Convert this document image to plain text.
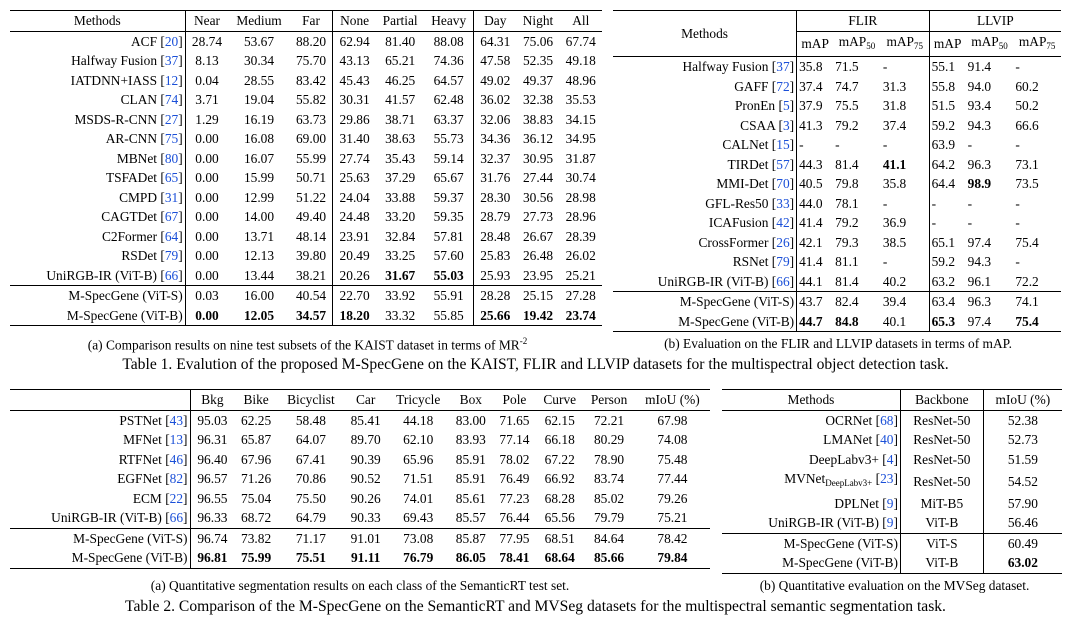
Methods	Near	Medium	Far	None	Partial	Heavy	Day	Night	All
ACF [20]	28.74	53.67	88.20	62.94	81.40	88.08	64.31	75.06	67.74
Halfway Fusion [37]	8.13	30.34	75.70	43.13	65.21	74.36	47.58	52.35	49.18
IATDNN+IASS [12]	0.04	28.55	83.42	45.43	46.25	64.57	49.02	49.37	48.96
CLAN [74]	3.71	19.04	55.82	30.31	41.57	62.48	36.02	32.38	35.53
MSDS-R-CNN [27]	1.29	16.19	63.73	29.86	38.71	63.37	32.06	38.83	34.15
AR-CNN [75]	0.00	16.08	69.00	31.40	38.63	55.73	34.36	36.12	34.95
MBNet [80]	0.00	16.07	55.99	27.74	35.43	59.14	32.37	30.95	31.87
TSFADet [65]	0.00	15.99	50.71	25.63	37.29	65.67	31.76	27.44	30.74
CMPD [31]	0.00	12.99	51.22	24.04	33.88	59.37	28.30	30.56	28.98
CAGTDet [67]	0.00	14.00	49.40	24.48	33.20	59.35	28.79	27.73	28.96
C2Former [64]	0.00	13.71	48.14	23.91	32.84	57.81	28.48	26.67	28.39
RSDet [79]	0.00	12.13	39.80	20.49	33.25	57.60	25.83	26.48	26.02
UniRGB-IR (ViT-B) [66]	0.00	13.44	38.21	20.26	31.67	55.03	25.93	23.95	25.21
M-SpecGene (ViT-S)	0.03	16.00	40.54	22.70	33.92	55.91	28.28	25.15	27.28
M-SpecGene (ViT-B)	0.00	12.05	34.57	18.20	33.32	55.85	25.66	19.42	23.74
(a) Comparison results on nine test subsets of the KAIST dataset in terms of $MR^{-2}$
Methods	FLIR			LLVIP		
	mAP	mAP$_{50}$	mAP$_{75}$	mAP	mAP$_{50}$	mAP$_{75}$
Halfway Fusion [37]	35.8	71.5	-	55.1	91.4	-
GAFF [72]	37.4	74.7	31.3	55.8	94.0	60.2
PronEn [5]	37.9	75.5	31.8	51.5	93.4	50.2
CSAA [3]	41.3	79.2	37.4	59.2	94.3	66.6
CALNet [15]	-	-	-	63.9	-	-
TIRDet [57]	44.3	81.4	41.1	64.2	96.3	73.1
MMI-Det [70]	40.5	79.8	35.8	64.4	98.9	73.5
GFL-Res50 [33]	44.0	78.1	-	-	-	-
ICAFusion [42]	41.4	79.2	36.9	-	-	-
CrossFormer [26]	42.1	79.3	38.5	65.1	97.4	75.4
RSNet [79]	41.4	81.1	-	59.2	94.3	-
UniRGB-IR (ViT-B) [66]	44.1	81.4	40.2	63.2	96.1	72.2
M-SpecGene (ViT-S)	43.7	82.4	39.4	63.4	96.3	74.1
M-SpecGene (ViT-B)	44.7	84.8	40.1	65.3	97.4	75.4
(b) Evaluation on the FLIR and LLVIP datasets in terms of mAP.
Table 1. Evalution of the proposed M-SpecGene on the KAIST, FLIR and LLVIP datasets for the multispectral object detection task.
	Bkg	Bike	Bicyclist	Car	Tricycle	Box	Pole	Curve	Person	mIoU (%)
PSTNet [43]	95.03	62.25	58.48	85.41	44.18	83.00	71.65	62.15	72.21	67.98
MFNet [13]	96.31	65.87	64.07	89.70	62.10	83.93	77.14	66.18	80.29	74.08
RTFNet [46]	96.40	67.96	67.41	90.39	65.96	85.91	78.02	67.22	78.90	75.48
EGFNet [82]	96.57	71.26	70.86	90.52	71.51	85.91	76.49	66.92	83.74	77.44
ECM [22]	96.55	75.04	75.50	90.26	74.01	85.61	77.23	68.28	85.02	79.26
UniRGB-IR (ViT-B) [66]	96.33	68.72	64.79	90.33	69.43	85.57	76.44	65.56	79.79	75.21
M-SpecGene (ViT-S)	96.74	73.82	71.17	91.01	73.08	85.87	77.95	68.51	84.64	78.42
M-SpecGene (ViT-B)	96.81	75.99	75.51	91.11	76.79	86.05	78.41	68.64	85.66	79.84
(a) Quantitative segmentation results on each class of the SemanticRT test set.
Methods	Backbone	mIoU (%)
OCRNet [68]	ResNet-50	52.38
LMANet [40]	ResNet-50	52.73
DeepLabv3+ [4]	ResNet-50	51.59
MVNet$_{DeepLabv3+}$ [23]	ResNet-50	54.52
DPLNet [9]	MiT-B5	57.90
UniRGB-IR (ViT-B) [9]	ViT-B	56.46
M-SpecGene (ViT-S)	ViT-S	60.49
M-SpecGene (ViT-B)	ViT-B	63.02
(b) Quantitative evaluation on the MVSeg dataset.
Table 2. Comparison of the M-SpecGene on the SemanticRT and MVSeg datasets for the multispectral semantic segmentation task.
